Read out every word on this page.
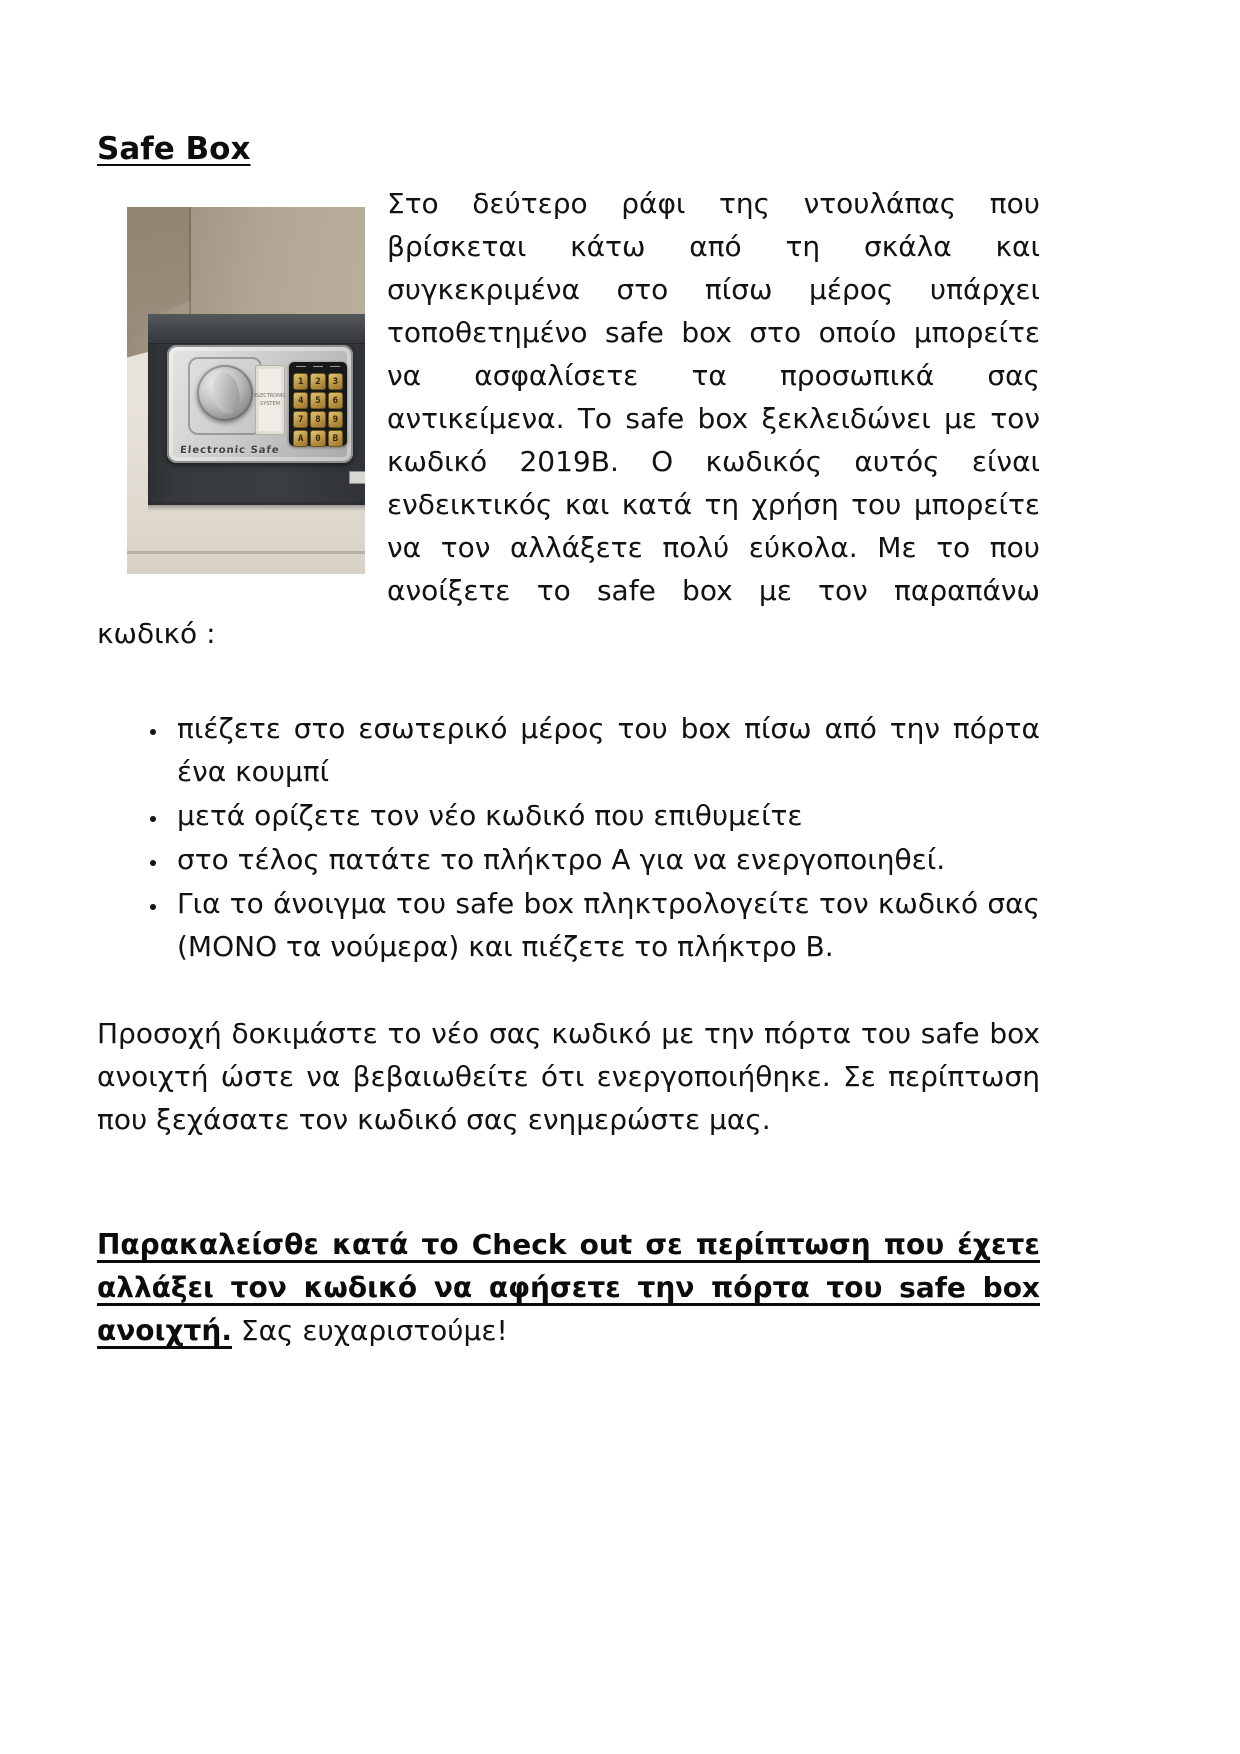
Safe Box
ELECTRONIC
SYSTEM
1	2	3
4	5	6
7	8	9
A	0	B
Electronic Safe

Στο δεύτερο ράφι της ντουλάπας που βρίσκεται κάτω από τη σκάλα και συγκεκριμένα στο πίσω μέρος υπάρχει τοποθετημένο safe box στο οποίο μπορείτε να ασφαλίσετε τα προσωπικά σας αντικείμενα. Το safe box ξεκλειδώνει με τον κωδικό 2019B. Ο κωδικός αυτός είναι ενδεικτικός και κατά τη χρήση του μπορείτε να τον αλλάξετε πολύ εύκολα. Με το που ανοίξετε το safe box με τον παραπάνω κωδικό :

• πιέζετε στο εσωτερικό μέρος του box πίσω από την πόρτα ένα κουμπί
• μετά ορίζετε τον νέο κωδικό που επιθυμείτε
• στο τέλος πατάτε το πλήκτρο Α για να ενεργοποιηθεί.
• Για το άνοιγμα του safe box πληκτρολογείτε τον κωδικό σας (ΜΟΝΟ τα νούμερα) και πιέζετε το πλήκτρο Β.

Προσοχή δοκιμάστε το νέο σας κωδικό με την πόρτα του safe box ανοιχτή ώστε να βεβαιωθείτε ότι ενεργοποιήθηκε. Σε περίπτωση που ξεχάσατε τον κωδικό σας ενημερώστε μας.

Παρακαλείσθε κατά το Check out σε περίπτωση που έχετε αλλάξει τον κωδικό να αφήσετε την πόρτα του safe box ανοιχτή. Σας ευχαριστούμε!
